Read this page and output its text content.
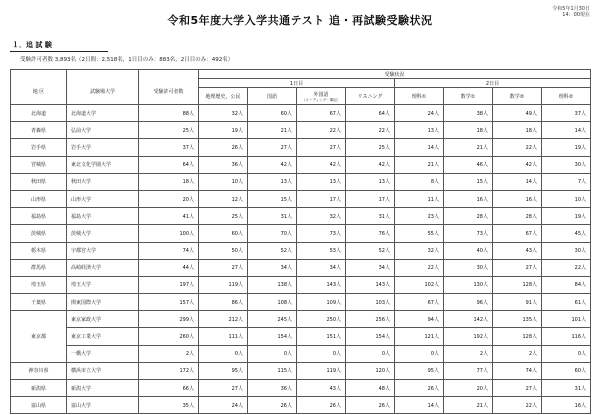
令和5年1月30日
14：00現在
令和5年度大学入学共通テスト 追・再試験受験状況
１．追 試 験
受験許可者数 3,893名（2日間：2,518名，1日目のみ：883名，2日目のみ：492名）
			受験状況							
地 区	試験場大学	受験許可者数	1日目				2日目			
			地理歴史，公民	国語	外国語
（リーディング・筆記）	リスニング	理科①	数学①	数学②	理科②
北海道	北海道大学	88人	32人	60人	67人	64人	24人	38人	49人	37人
青森県	弘前大学	25人	19人	21人	22人	22人	13人	18人	18人	14人
岩手県	岩手大学	37人	26人	27人	27人	25人	14人	21人	22人	19人
宮城県	東北文化学園大学	64人	36人	42人	42人	42人	21人	46人	42人	30人
秋田県	秋田大学	18人	10人	13人	13人	13人	8人	15人	14人	7人
山形県	山形大学	20人	12人	15人	17人	17人	11人	16人	16人	10人
福島県	福島大学	41人	25人	31人	32人	31人	23人	28人	28人	19人
茨城県	茨城大学	100人	60人	70人	73人	76人	55人	73人	67人	45人
栃木県	宇都宮大学	74人	50人	52人	53人	52人	32人	40人	43人	30人
群馬県	高崎経済大学	44人	27人	34人	34人	34人	22人	30人	27人	22人
埼玉県	埼玉大学	197人	119人	138人	143人	143人	102人	130人	128人	84人
千葉県	関東国際大学	157人	86人	108人	109人	103人	67人	96人	91人	61人
東京都	東京家政大学	299人	212人	245人	250人	256人	94人	142人	135人	101人
	東京工業大学	260人	111人	154人	151人	154人	121人	192人	128人	116人
	一橋大学	2人	0人	0人	0人	0人	0人	2人	2人	0人
神奈川県	横浜市立大学	172人	95人	115人	119人	120人	95人	77人	74人	60人
新潟県	新潟大学	66人	27人	36人	43人	48人	26人	20人	27人	31人
富山県	富山大学	35人	24人	26人	26人	26人	14人	21人	22人	16人
